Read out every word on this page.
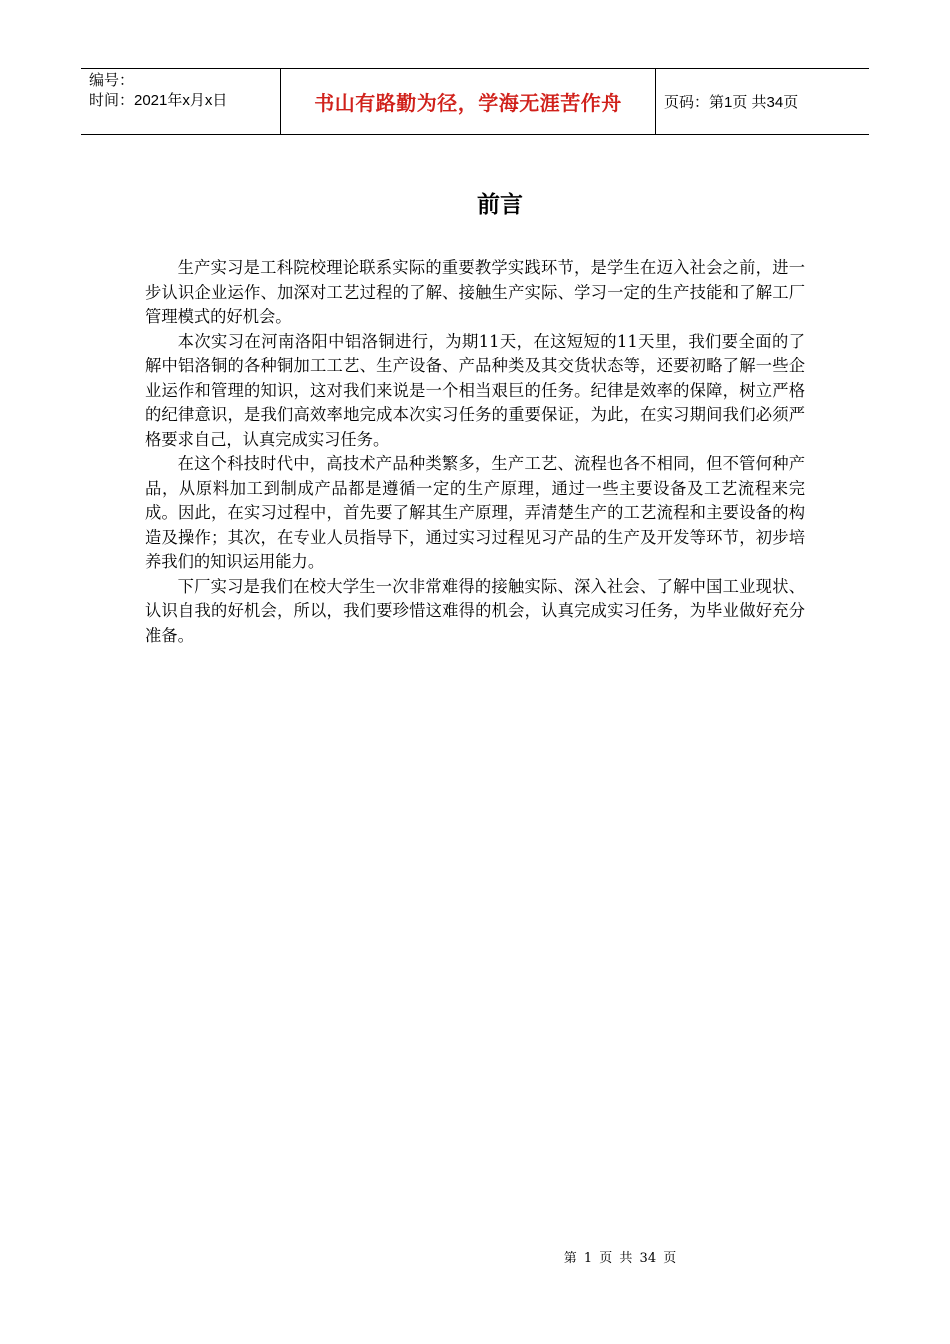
编号：
时间：2021年x月x日	书山有路勤为径，学海无涯苦作舟	页码：第1页 共34页
前言

生产实习是工科院校理论联系实际的重要教学实践环节，是学生在迈入社会之前，进一步认识企业运作、加深对工艺过程的了解、接触生产实际、学习一定的生产技能和了解工厂管理模式的好机会。

本次实习在河南洛阳中铝洛铜进行，为期11天，在这短短的11天里，我们要全面的了解中铝洛铜的各种铜加工工艺、生产设备、产品种类及其交货状态等，还要初略了解一些企业运作和管理的知识，这对我们来说是一个相当艰巨的任务。纪律是效率的保障，树立严格的纪律意识，是我们高效率地完成本次实习任务的重要保证，为此，在实习期间我们必须严格要求自己，认真完成实习任务。

在这个科技时代中，高技术产品种类繁多，生产工艺、流程也各不相同，但不管何种产品，从原料加工到制成产品都是遵循一定的生产原理，通过一些主要设备及工艺流程来完成。因此，在实习过程中，首先要了解其生产原理，弄清楚生产的工艺流程和主要设备的构造及操作；其次，在专业人员指导下，通过实习过程见习产品的生产及开发等环节，初步培养我们的知识运用能力。

下厂实习是我们在校大学生一次非常难得的接触实际、深入社会、了解中国工业现状、认识自我的好机会，所以，我们要珍惜这难得的机会，认真完成实习任务，为毕业做好充分准备。

第 1 页 共 34 页
